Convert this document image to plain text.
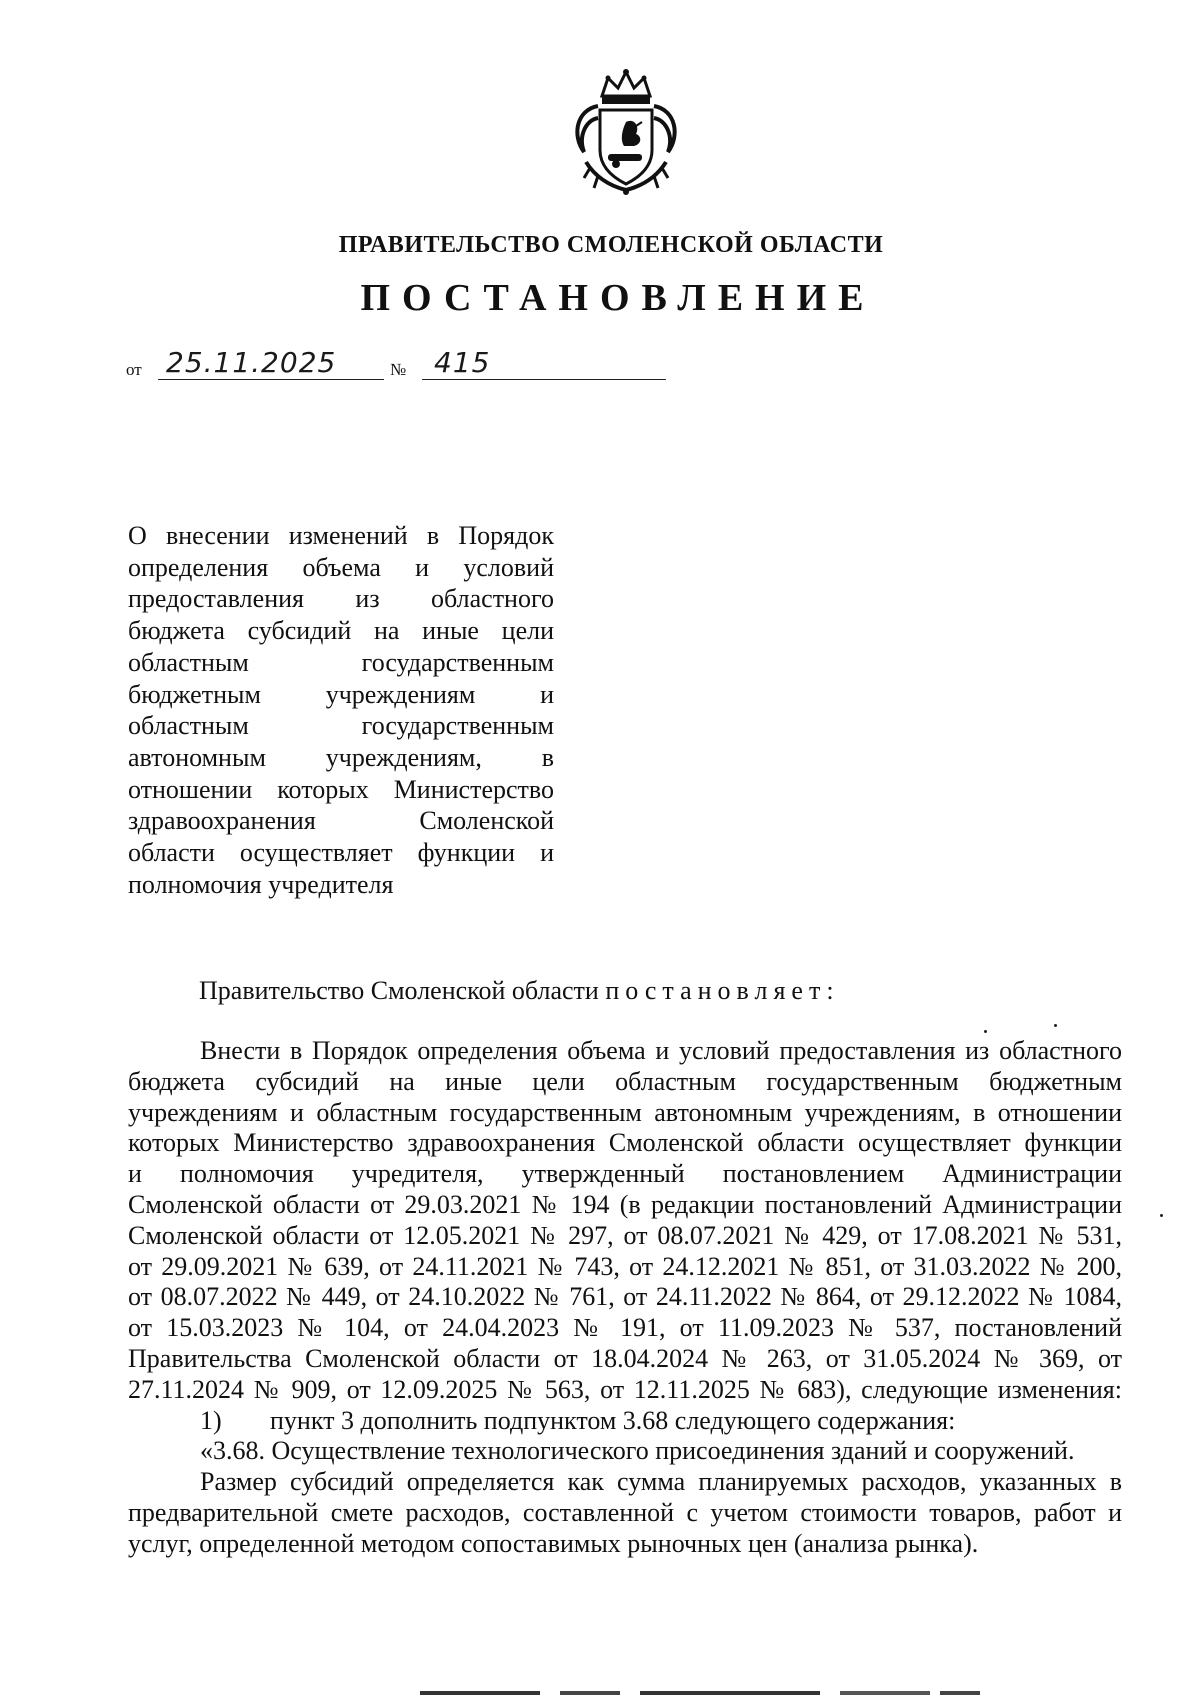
ПРАВИТЕЛЬСТВО СМОЛЕНСКОЙ ОБЛАСТИ
ПОСТАНОВЛЕНИЕ
от 25.11.2025	№ 415
О внесении изменений в Порядок
определения объема и условий
предоставления из областного
бюджета субсидий на иные цели
областным государственным
бюджетным учреждениям и
областным государственным
автономным учреждениям, в
отношении которых Министерство
здравоохранения Смоленской
области осуществляет функции и
полномочия учредителя
Правительство Смоленской области постановляет:
Внести в Порядок определения объема и условий предоставления из областного
бюджета субсидий на иные цели областным государственным бюджетным
учреждениям и областным государственным автономным учреждениям, в отношении
которых Министерство здравоохранения Смоленской области осуществляет функции
и полномочия учредителя, утвержденный постановлением Администрации
Смоленской области от 29.03.2021 № 194 (в редакции постановлений Администрации
Смоленской области от 12.05.2021 № 297, от 08.07.2021 № 429, от 17.08.2021 № 531,
от 29.09.2021 № 639, от 24.11.2021 № 743, от 24.12.2021 № 851, от 31.03.2022 № 200,
от 08.07.2022 № 449, от 24.10.2022 № 761, от 24.11.2022 № 864, от 29.12.2022 № 1084,
от 15.03.2023 № 104, от 24.04.2023 № 191, от 11.09.2023 № 537, постановлений
Правительства Смоленской области от 18.04.2024 № 263, от 31.05.2024 № 369, от
27.11.2024 № 909, от 12.09.2025 № 563, от 12.11.2025 № 683), следующие изменения:
1) пункт 3 дополнить подпунктом 3.68 следующего содержания:
«3.68. Осуществление технологического присоединения зданий и сооружений.
Размер субсидий определяется как сумма планируемых расходов, указанных в
предварительной смете расходов, составленной с учетом стоимости товаров, работ и
услуг, определенной методом сопоставимых рыночных цен (анализа рынка).
